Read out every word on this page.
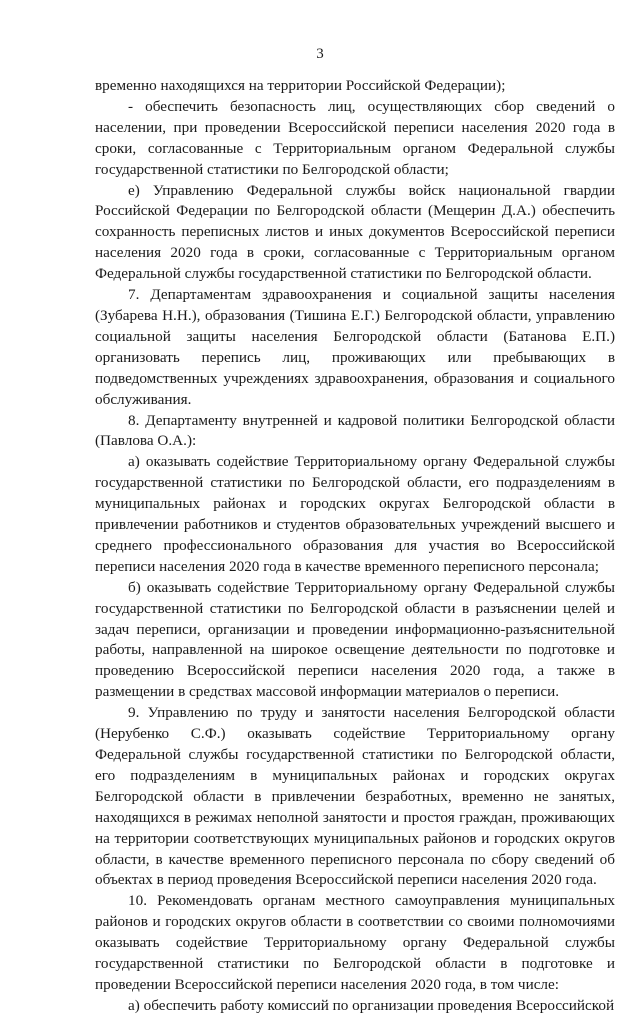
3

временно находящихся на территории Российской Федерации);

- обеспечить безопасность лиц, осуществляющих сбор сведений о населении, при проведении Всероссийской переписи населения 2020 года в сроки, согласованные с Территориальным органом Федеральной службы государственной статистики по Белгородской области;

е) Управлению Федеральной службы войск национальной гвардии Российской Федерации по Белгородской области (Мещерин Д.А.) обеспечить сохранность переписных листов и иных документов Всероссийской переписи населения 2020 года в сроки, согласованные с Территориальным органом Федеральной службы государственной статистики по Белгородской области.

7. Департаментам здравоохранения и социальной защиты населения (Зубарева Н.Н.), образования (Тишина Е.Г.) Белгородской области, управлению социальной защиты населения Белгородской области (Батанова Е.П.) организовать перепись лиц, проживающих или пребывающих в подведомственных учреждениях здравоохранения, образования и социального обслуживания.

8. Департаменту внутренней и кадровой политики Белгородской области (Павлова О.А.):

а) оказывать содействие Территориальному органу Федеральной службы государственной статистики по Белгородской области, его подразделениям в муниципальных районах и городских округах Белгородской области в привлечении работников и студентов образовательных учреждений высшего и среднего профессионального образования для участия во Всероссийской переписи населения 2020 года в качестве временного переписного персонала;

б) оказывать содействие Территориальному органу Федеральной службы государственной статистики по Белгородской области в разъяснении целей и задач переписи, организации и проведении информационно-разъяснительной работы, направленной на широкое освещение деятельности по подготовке и проведению Всероссийской переписи населения 2020 года, а также в размещении в средствах массовой информации материалов о переписи.

9. Управлению по труду и занятости населения Белгородской области (Нерубенко С.Ф.) оказывать содействие Территориальному органу Федеральной службы государственной статистики по Белгородской области, его подразделениям в муниципальных районах и городских округах Белгородской области в привлечении безработных, временно не занятых, находящихся в режимах неполной занятости и простоя граждан, проживающих на территории соответствующих муниципальных районов и городских округов области, в качестве временного переписного персонала по сбору сведений об объектах в период проведения Всероссийской переписи населения 2020 года.

10. Рекомендовать органам местного самоуправления муниципальных районов и городских округов области в соответствии со своими полномочиями оказывать содействие Территориальному органу Федеральной службы государственной статистики по Белгородской области в подготовке и проведении Всероссийской переписи населения 2020 года, в том числе:

а) обеспечить работу комиссий по организации проведения Всероссийской
